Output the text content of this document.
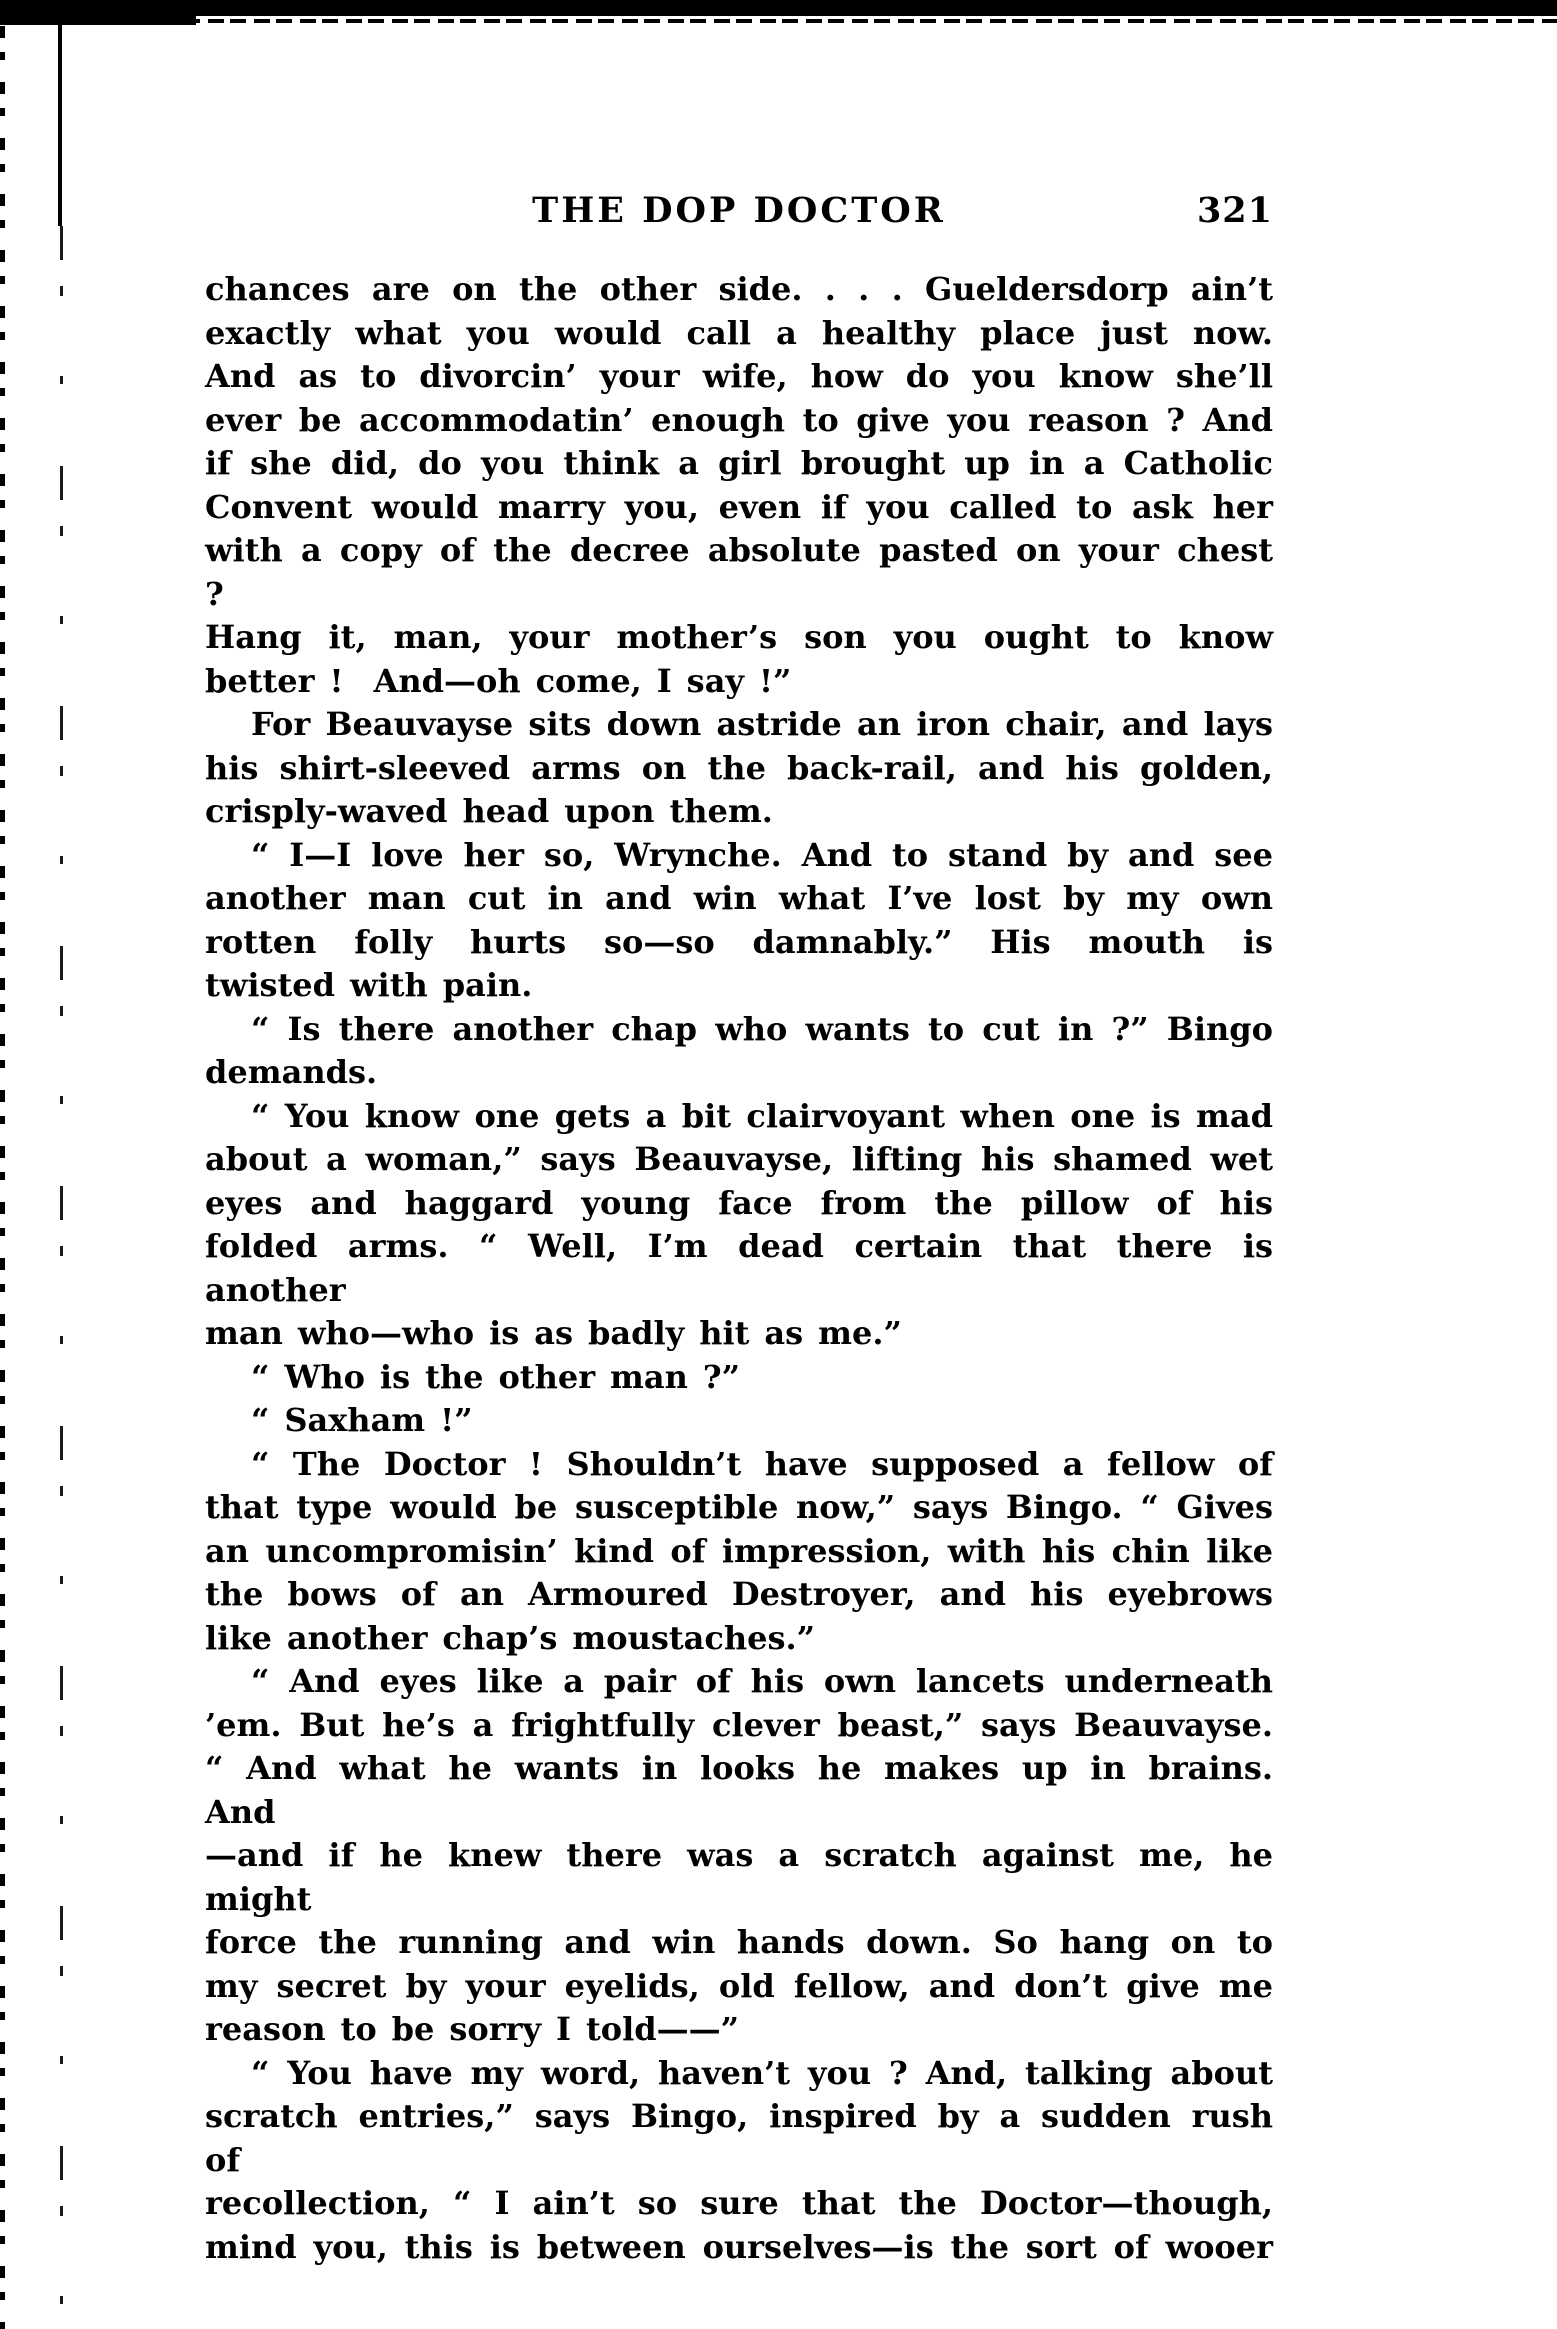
THE DOP DOCTOR	321
chances are on the other side. . . . Gueldersdorp ain’t
exactly what you would call a healthy place just now.
And as to divorcin’ your wife, how do you know she’ll
ever be accommodatin’ enough to give you reason ? And
if she did, do you think a girl brought up in a Catholic
Convent would marry you, even if you called to ask her
with a copy of the decree absolute pasted on your chest ?
Hang it, man, your mother’s son you ought to know
better !  And—oh come, I say !”
For Beauvayse sits down astride an iron chair, and lays
his shirt-sleeved arms on the back-rail, and his golden,
crisply-waved head upon them.
“ I—I love her so, Wrynche. And to stand by and see
another man cut in and win what I’ve lost by my own
rotten folly hurts so—so damnably.” His mouth is
twisted with pain.
“ Is there another chap who wants to cut in ?” Bingo
demands.
“ You know one gets a bit clairvoyant when one is mad
about a woman,” says Beauvayse, lifting his shamed wet
eyes and haggard young face from the pillow of his
folded arms. “ Well, I’m dead certain that there is another
man who—who is as badly hit as me.”
“ Who is the other man ?”
“ Saxham !”
“ The Doctor ! Shouldn’t have supposed a fellow of
that type would be susceptible now,” says Bingo. “ Gives
an uncompromisin’ kind of impression, with his chin like
the bows of an Armoured Destroyer, and his eyebrows
like another chap’s moustaches.”
“ And eyes like a pair of his own lancets underneath
’em. But he’s a frightfully clever beast,” says Beauvayse.
“ And what he wants in looks he makes up in brains. And
—and if he knew there was a scratch against me, he might
force the running and win hands down. So hang on to
my secret by your eyelids, old fellow, and don’t give me
reason to be sorry I told——”
“ You have my word, haven’t you ? And, talking about
scratch entries,” says Bingo, inspired by a sudden rush of
recollection, “ I ain’t so sure that the Doctor—though,
mind you, this is between ourselves—is the sort of wooer
